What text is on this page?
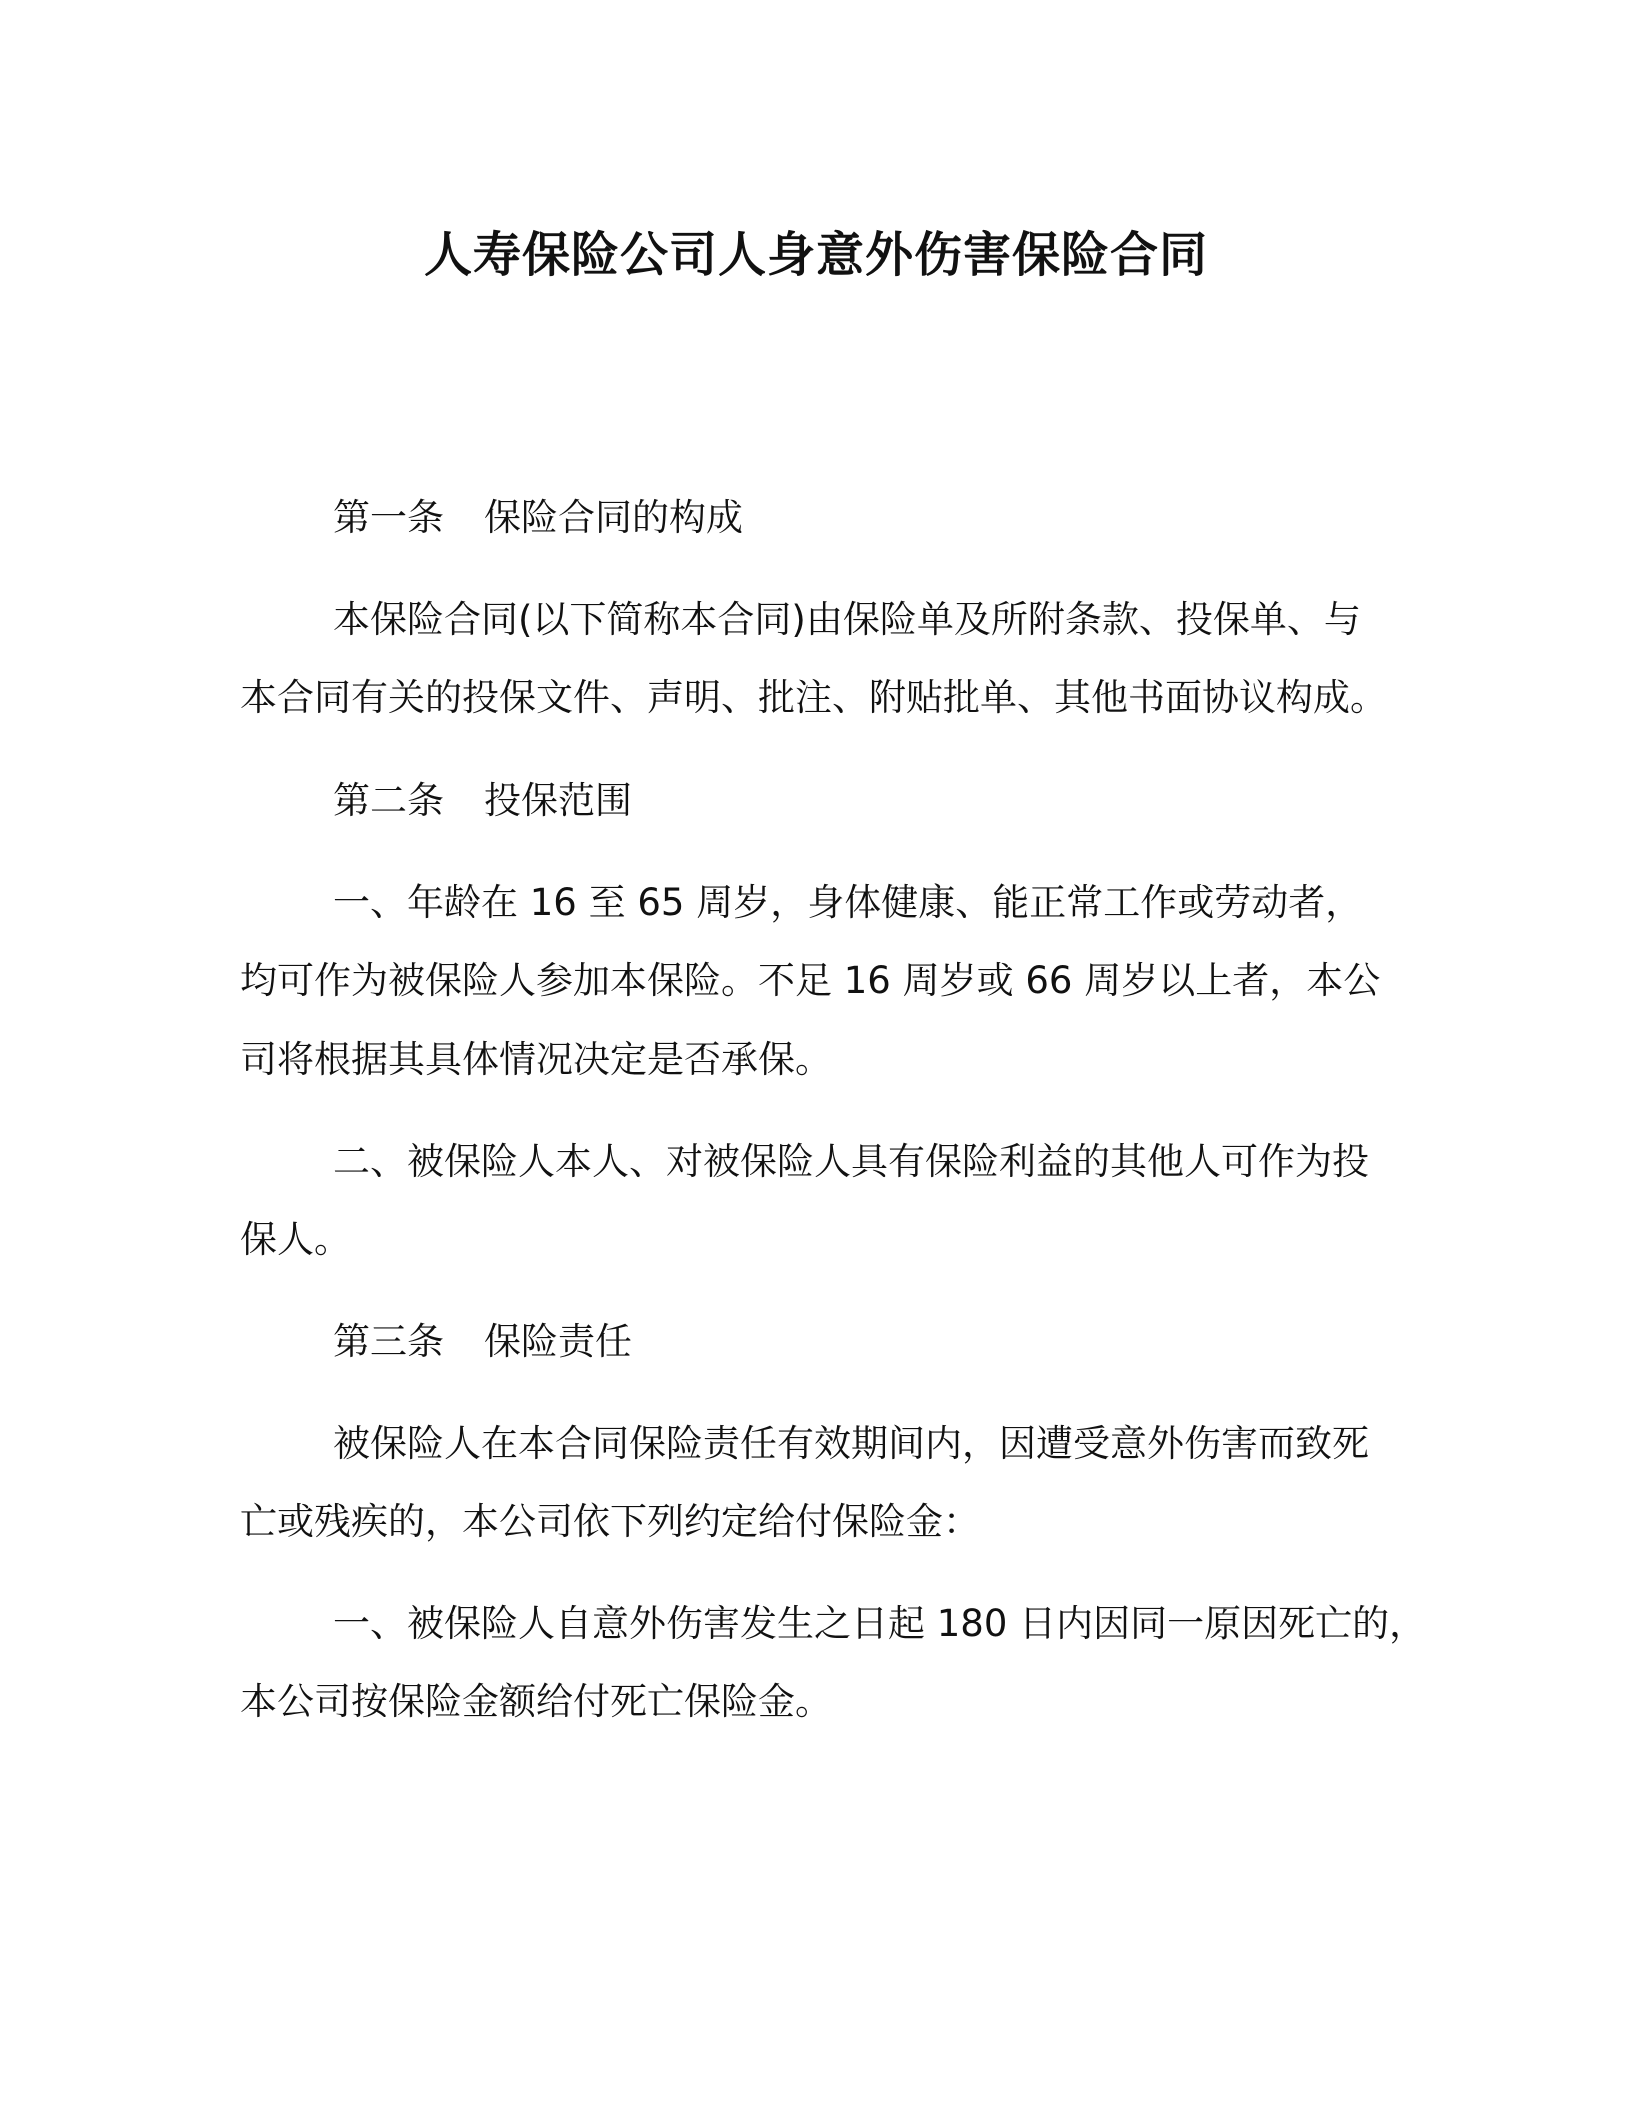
人寿保险公司人身意外伤害保险合同

第一条 保险合同的构成

本保险合同(以下简称本合同)由保险单及所附条款、投保单、与

本合同有关的投保文件、声明、批注、附贴批单、其他书面协议构成。

第二条 投保范围

一、年龄在 16 至 65 周岁，身体健康、能正常工作或劳动者，

均可作为被保险人参加本保险。不足 16 周岁或 66 周岁以上者，本公

司将根据其具体情况决定是否承保。

二、被保险人本人、对被保险人具有保险利益的其他人可作为投

保人。

第三条 保险责任

被保险人在本合同保险责任有效期间内，因遭受意外伤害而致死

亡或残疾的，本公司依下列约定给付保险金：

一、被保险人自意外伤害发生之日起 180 日内因同一原因死亡的，

本公司按保险金额给付死亡保险金。
